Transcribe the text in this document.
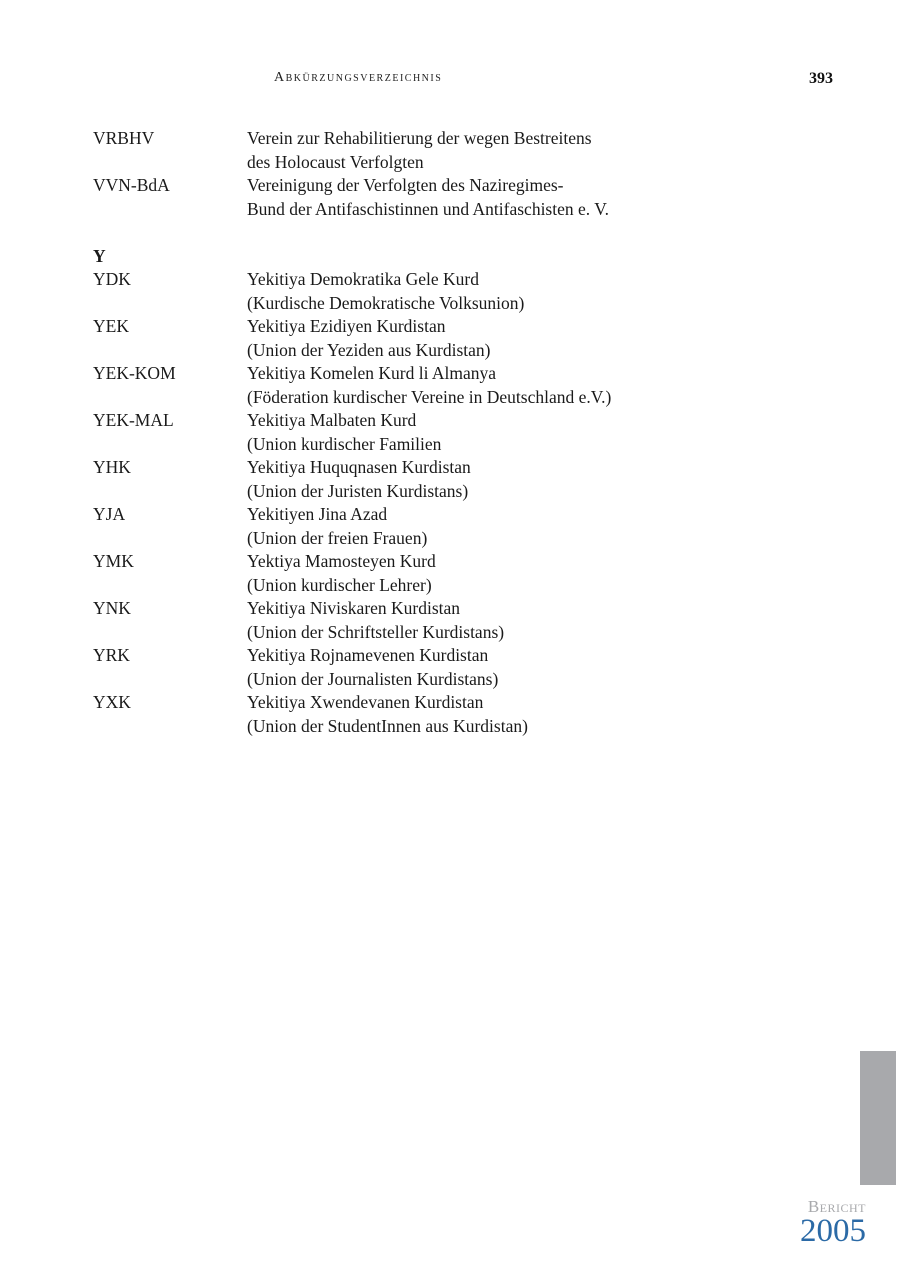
Abkürzungsverzeichnis	393
VRBHV	Verein zur Rehabilitierung der wegen Bestreitens
des Holocaust Verfolgten
VVN-BdA	Vereinigung der Verfolgten des Naziregimes-
Bund der Antifaschistinnen und Antifaschisten e. V.
Y
YDK	Yekitiya Demokratika Gele Kurd
(Kurdische Demokratische Volksunion)
YEK	Yekitiya Ezidiyen Kurdistan
(Union der Yeziden aus Kurdistan)
YEK-KOM	Yekitiya Komelen Kurd li Almanya
(Föderation kurdischer Vereine in Deutschland e.V.)
YEK-MAL	Yekitiya Malbaten Kurd
(Union kurdischer Familien
YHK	Yekitiya Huquqnasen Kurdistan
(Union der Juristen Kurdistans)
YJA	Yekitiyen Jina Azad
(Union der freien Frauen)
YMK	Yektiya Mamosteyen Kurd
(Union kurdischer Lehrer)
YNK	Yekitiya Niviskaren Kurdistan
(Union der Schriftsteller Kurdistans)
YRK	Yekitiya Rojnamevenen Kurdistan
(Union der Journalisten Kurdistans)
YXK	Yekitiya Xwendevanen Kurdistan
(Union der StudentInnen aus Kurdistan)
Bericht
2005
